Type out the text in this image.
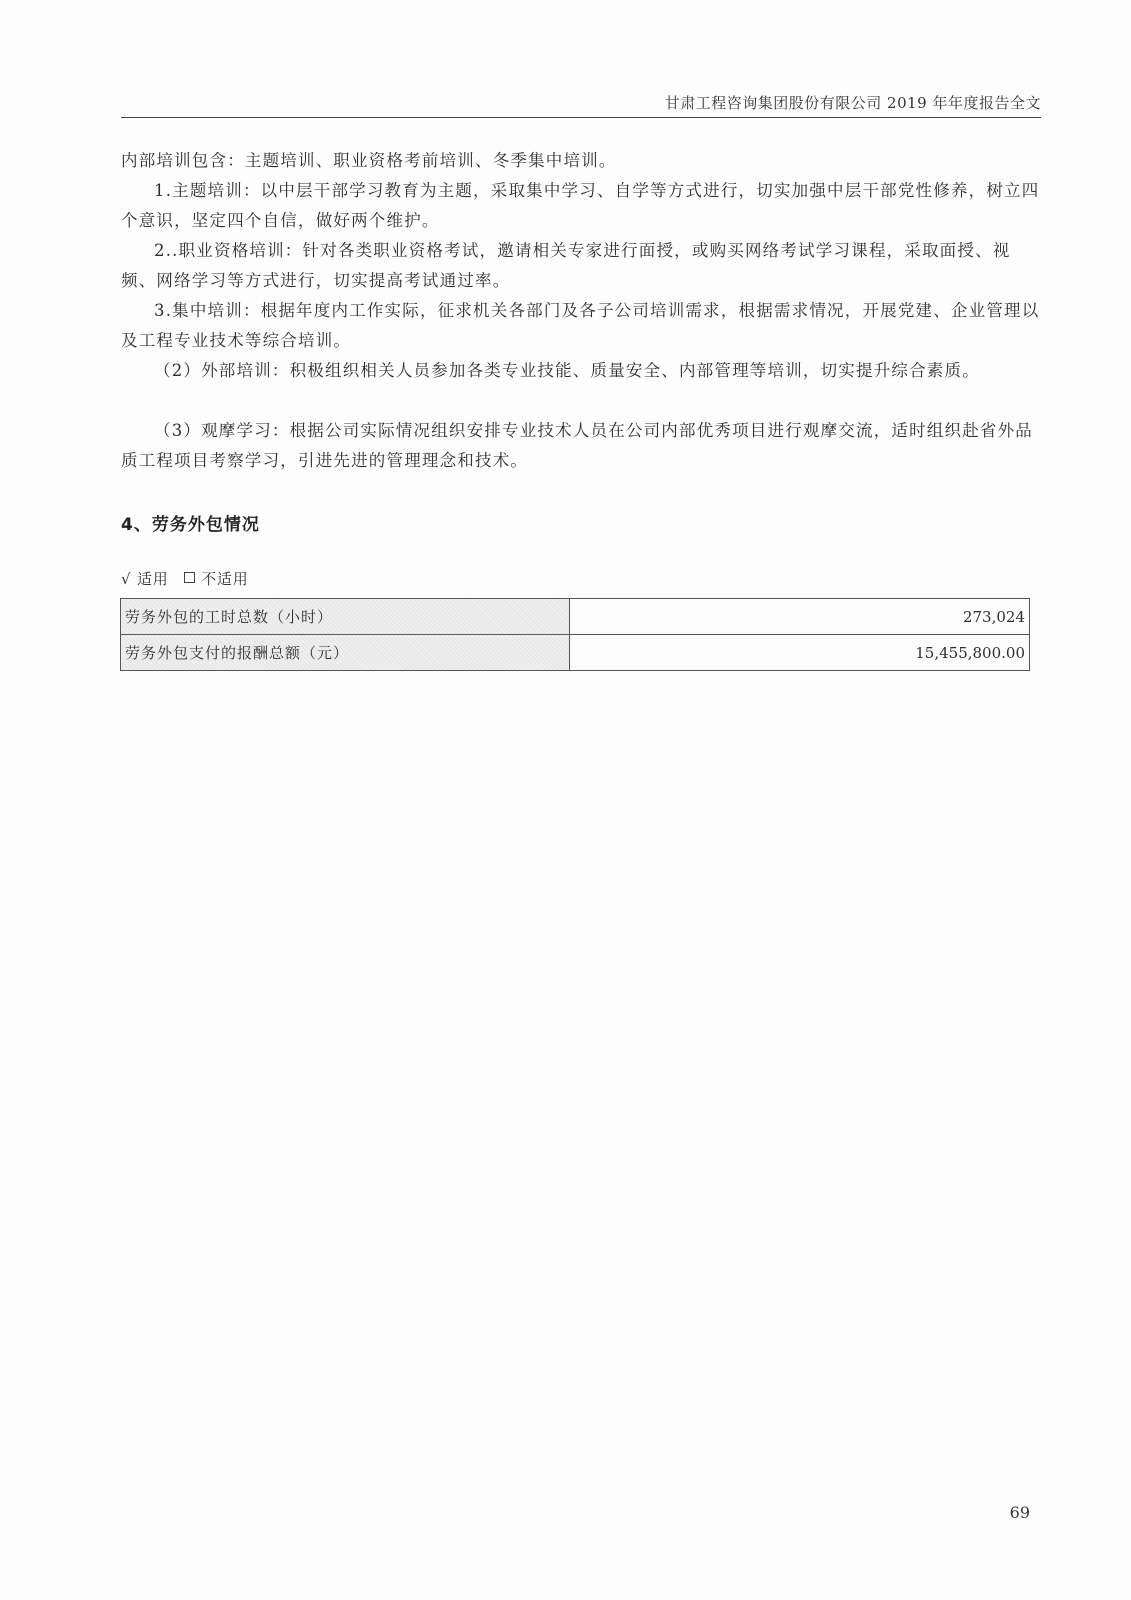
甘肃工程咨询集团股份有限公司 2019 年年度报告全文
内部培训包含：主题培训、职业资格考前培训、冬季集中培训。
1.主题培训：以中层干部学习教育为主题，采取集中学习、自学等方式进行，切实加强中层干部党性修养，树立四个意识，坚定四个自信，做好两个维护。
2..职业资格培训：针对各类职业资格考试，邀请相关专家进行面授，或购买网络考试学习课程，采取面授、视频、网络学习等方式进行，切实提高考试通过率。
3.集中培训：根据年度内工作实际，征求机关各部门及各子公司培训需求，根据需求情况，开展党建、企业管理以及工程专业技术等综合培训。
（2）外部培训：积极组织相关人员参加各类专业技能、质量安全、内部管理等培训，切实提升综合素质。
（3）观摩学习：根据公司实际情况组织安排专业技术人员在公司内部优秀项目进行观摩交流，适时组织赴省外品质工程项目考察学习，引进先进的管理理念和技术。
4、劳务外包情况
√ 适用 不适用
劳务外包的工时总数（小时）	273,024
劳务外包支付的报酬总额（元）	15,455,800.00
69
